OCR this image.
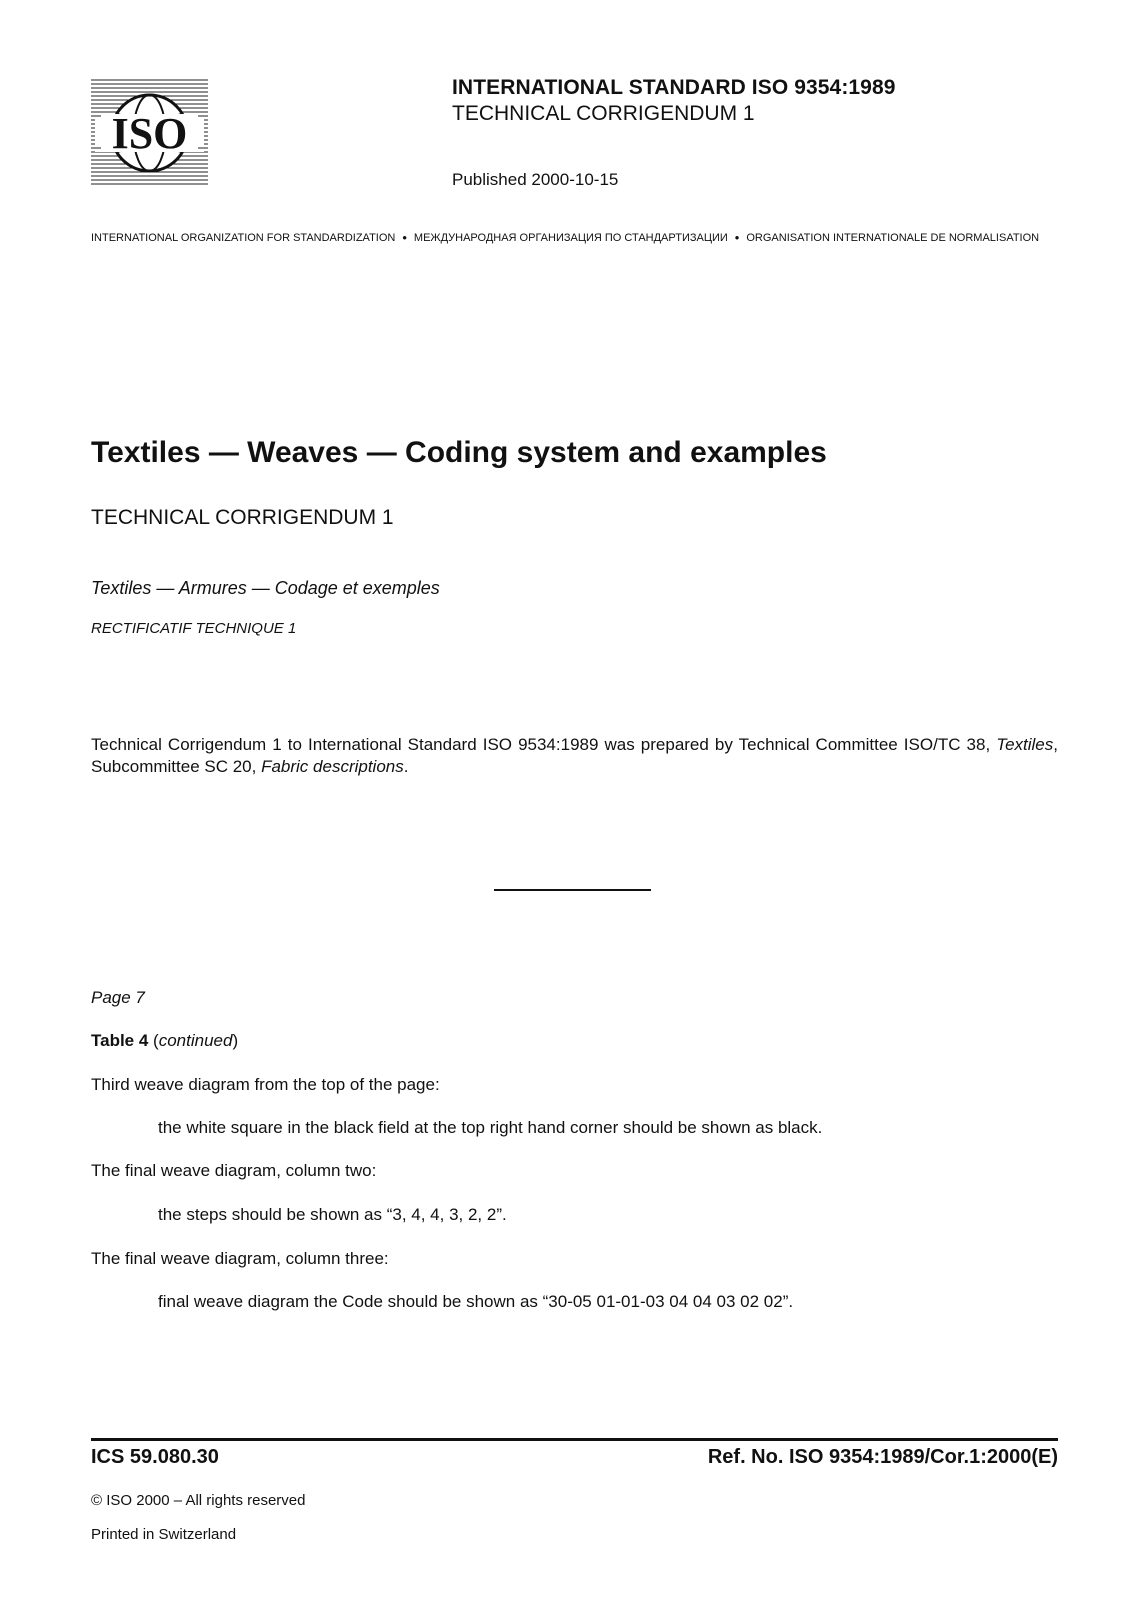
ISO
INTERNATIONAL STANDARD ISO 9354:1989
TECHNICAL CORRIGENDUM 1
Published 2000-10-15
INTERNATIONAL ORGANIZATION FOR STANDARDIZATION • МЕЖДУНАРОДНАЯ ОРГАНИЗАЦИЯ ПО СТАНДАРТИЗАЦИИ • ORGANISATION INTERNATIONALE DE NORMALISATION
Textiles — Weaves — Coding system and examples
TECHNICAL CORRIGENDUM 1
Textiles — Armures — Codage et exemples
RECTIFICATIF TECHNIQUE 1
Technical Corrigendum 1 to International Standard ISO 9534:1989 was prepared by Technical Committee ISO/TC 38, Textiles, Subcommittee SC 20, Fabric descriptions.
Page 7
Table 4 (continued)
Third weave diagram from the top of the page:
the white square in the black field at the top right hand corner should be shown as black.
The final weave diagram, column two:
the steps should be shown as “3, 4, 4, 3, 2, 2”.
The final weave diagram, column three:
final weave diagram the Code should be shown as “30-05 01-01-03 04 04 03 02 02”.
ICS 59.080.30	Ref. No. ISO 9354:1989/Cor.1:2000(E)
© ISO 2000 – All rights reserved
Printed in Switzerland
